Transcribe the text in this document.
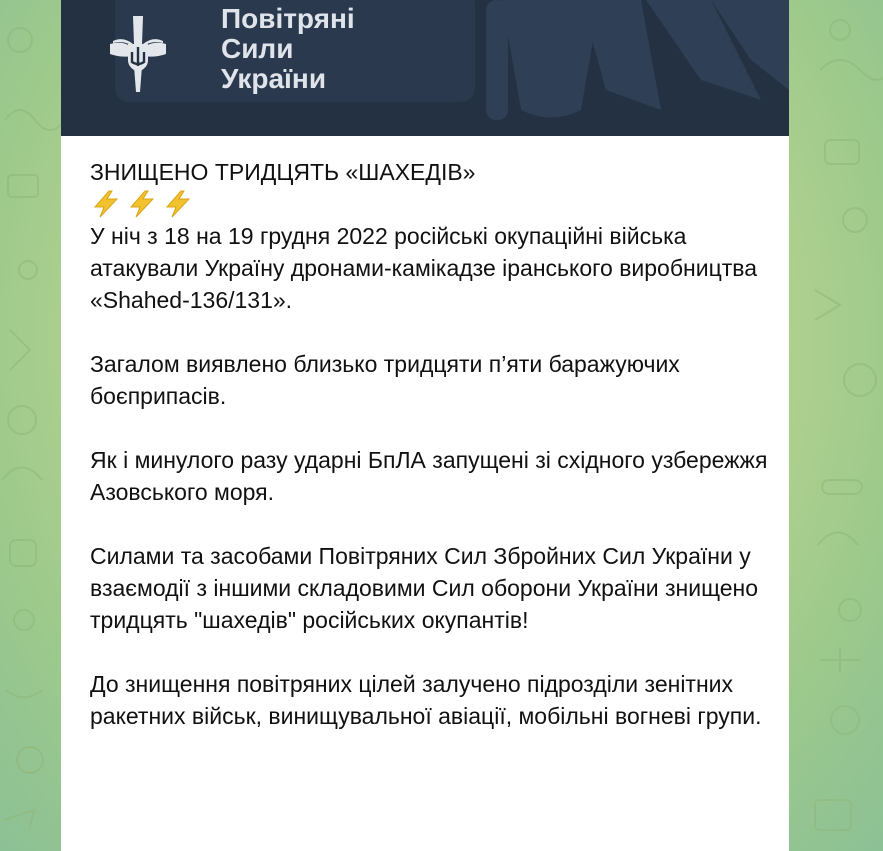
Повітряні
Сили
України

ЗНИЩЕНО ТРИДЦЯТЬ «ШАХЕДІВ»

У ніч з 18 на 19 грудня 2022 російські окупаційні війська атакували Україну дронами-камікадзе іранського виробництва «Shahed-136/131».

Загалом виявлено близько тридцяти п’яти баражуючих боєприпасів.

Як і минулого разу ударні БпЛА запущені зі східного узбережжя Азовського моря.

Силами та засобами Повітряних Сил Збройних Сил України у взаємодії з іншими складовими Сил оборони України знищено тридцять "шахедів" російських окупантів!

До знищення повітряних цілей залучено підрозділи зенітних ракетних військ, винищувальної авіації, мобільні вогневі групи.
